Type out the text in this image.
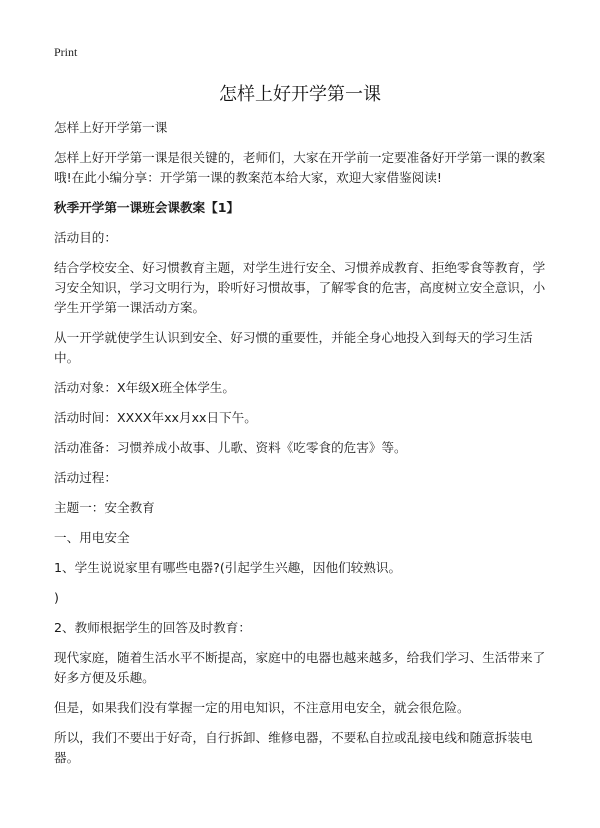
Print
怎样上好开学第一课

怎样上好开学第一课

怎样上好开学第一课是很关键的，老师们，大家在开学前一定要准备好开学第一课的教案哦!在此小编分享：开学第一课的教案范本给大家，欢迎大家借鉴阅读!

秋季开学第一课班会课教案【1】

活动目的：

结合学校安全、好习惯教育主题，对学生进行安全、习惯养成教育、拒绝零食等教育，学习安全知识，学习文明行为，聆听好习惯故事，了解零食的危害，高度树立安全意识，小学生开学第一课活动方案。

从一开学就使学生认识到安全、好习惯的重要性，并能全身心地投入到每天的学习生活中。

活动对象：X年级X班全体学生。

活动时间：XXXX年xx月xx日下午。

活动准备：习惯养成小故事、儿歌、资料《吃零食的危害》等。

活动过程：

主题一：安全教育

一、用电安全

1、学生说说家里有哪些电器?(引起学生兴趣，因他们较熟识。

)

2、教师根据学生的回答及时教育：

现代家庭，随着生活水平不断提高，家庭中的电器也越来越多，给我们学习、生活带来了好多方便及乐趣。

但是，如果我们没有掌握一定的用电知识，不注意用电安全，就会很危险。

所以，我们不要出于好奇，自行拆卸、维修电器，不要私自拉或乱接电线和随意拆装电器。
